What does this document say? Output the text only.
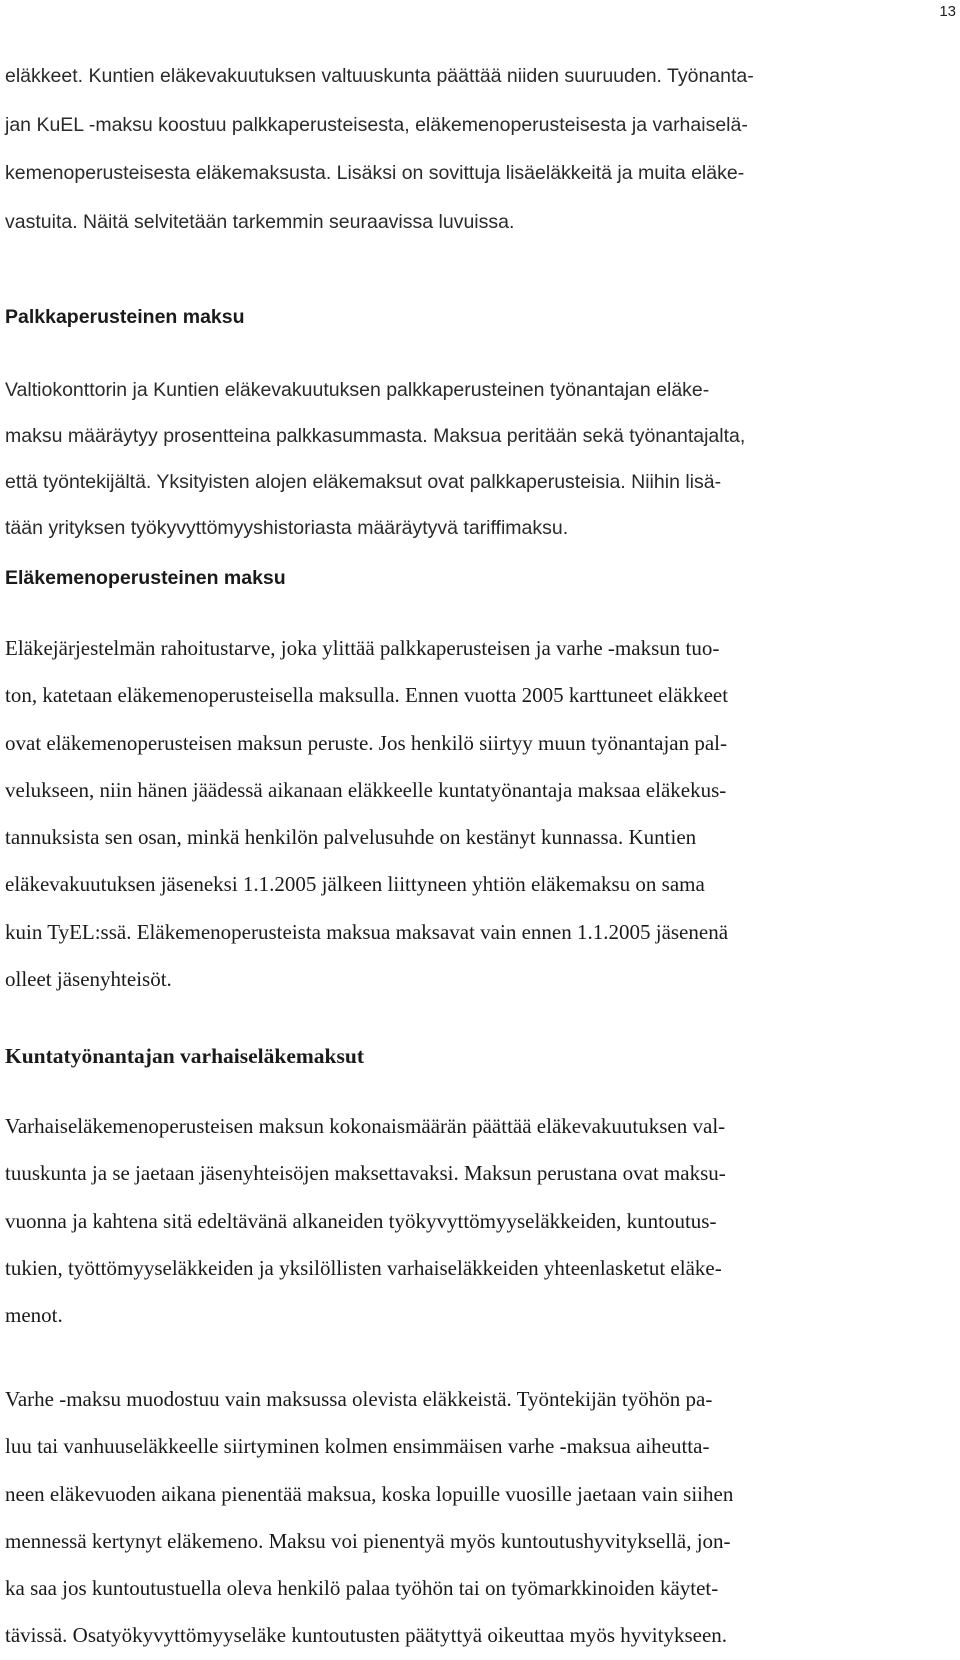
13
eläkkeet. Kuntien eläkevakuutuksen valtuuskunta päättää niiden suuruuden. Työnanta-
jan KuEL -maksu koostuu palkkaperusteisesta, eläkemenoperusteisesta ja varhaiselä-
kemenoperusteisesta eläkemaksusta. Lisäksi on sovittuja lisäeläkkeitä ja muita eläke-
vastuita. Näitä selvitetään tarkemmin seuraavissa luvuissa.
Palkkaperusteinen maksu
Valtiokonttorin ja Kuntien eläkevakuutuksen palkkaperusteinen työnantajan eläke-
maksu määräytyy prosentteina palkkasummasta. Maksua peritään sekä työnantajalta,
että työntekijältä. Yksityisten alojen eläkemaksut ovat palkkaperusteisia. Niihin lisä-
tään yrityksen työkyvyttömyyshistoriasta määräytyvä tariffimaksu.
Eläkemenoperusteinen maksu
Eläkejärjestelmän rahoitustarve, joka ylittää palkkaperusteisen ja varhe -maksun tuo-
ton, katetaan eläkemenoperusteisella maksulla. Ennen vuotta 2005 karttuneet eläkkeet
ovat eläkemenoperusteisen maksun peruste. Jos henkilö siirtyy muun työnantajan pal-
velukseen, niin hänen jäädessä aikanaan eläkkeelle kuntatyönantaja maksaa eläkekus-
tannuksista sen osan, minkä henkilön palvelusuhde on kestänyt kunnassa. Kuntien
eläkevakuutuksen jäseneksi 1.1.2005 jälkeen liittyneen yhtiön eläkemaksu on sama
kuin TyEL:ssä. Eläkemenoperusteista maksua maksavat vain ennen 1.1.2005 jäsenenä
olleet jäsenyhteisöt.
Kuntatyönantajan varhaiseläkemaksut
Varhaiseläkemenoperusteisen maksun kokonaismäärän päättää eläkevakuutuksen val-
tuuskunta ja se jaetaan jäsenyhteisöjen maksettavaksi. Maksun perustana ovat maksu-
vuonna ja kahtena sitä edeltävänä alkaneiden työkyvyttömyyseläkkeiden, kuntoutus-
tukien, työttömyyseläkkeiden ja yksilöllisten varhaiseläkkeiden yhteenlasketut eläke-
menot.
Varhe -maksu muodostuu vain maksussa olevista eläkkeistä. Työntekijän työhön pa-
luu tai vanhuuseläkkeelle siirtyminen kolmen ensimmäisen varhe -maksua aiheutta-
neen eläkevuoden aikana pienentää maksua, koska lopuille vuosille jaetaan vain siihen
mennessä kertynyt eläkemeno. Maksu voi pienentyä myös kuntoutushyvityksellä, jon-
ka saa jos kuntoutustuella oleva henkilö palaa työhön tai on työmarkkinoiden käytet-
tävissä. Osatyökyvyttömyyseläke kuntoutusten päätyttyä oikeuttaa myös hyvitykseen.
